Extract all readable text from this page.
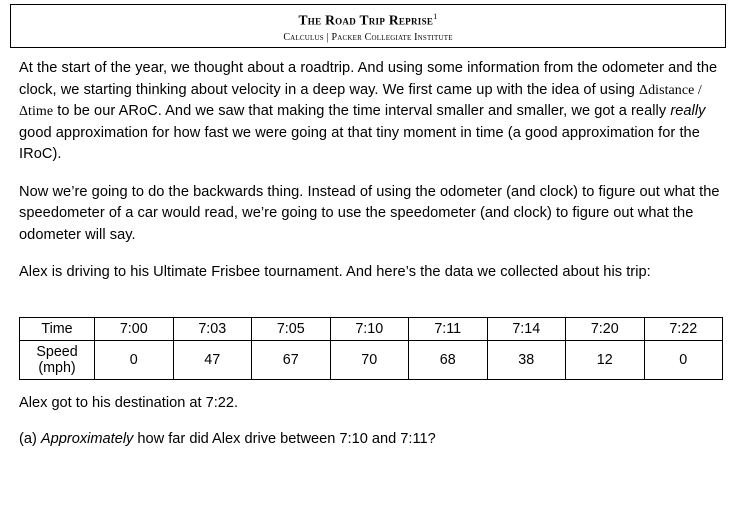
The Road Trip Reprise$^1$
Calculus | Packer Collegiate Institute

At the start of the year, we thought about a roadtrip. And using some information from the odometer and the clock, we starting thinking about velocity in a deep way. We first came up with the idea of using Δdistance / Δtime to be our ARoC. And we saw that making the time interval smaller and smaller, we got a really really good approximation for how fast we were going at that tiny moment in time (a good approximation for the IRoC).

Now we’re going to do the backwards thing. Instead of using the odometer (and clock) to figure out what the speedometer of a car would read, we’re going to use the speedometer (and clock) to figure out what the odometer will say.

Alex is driving to his Ultimate Frisbee tournament. And here’s the data we collected about his trip:

Time	7:00	7:03	7:05	7:10	7:11	7:14	7:20	7:22

Speed
(mph)	0	47	67	70	68	38	12	0

Alex got to his destination at 7:22.

(a) Approximately how far did Alex drive between 7:10 and 7:11?
